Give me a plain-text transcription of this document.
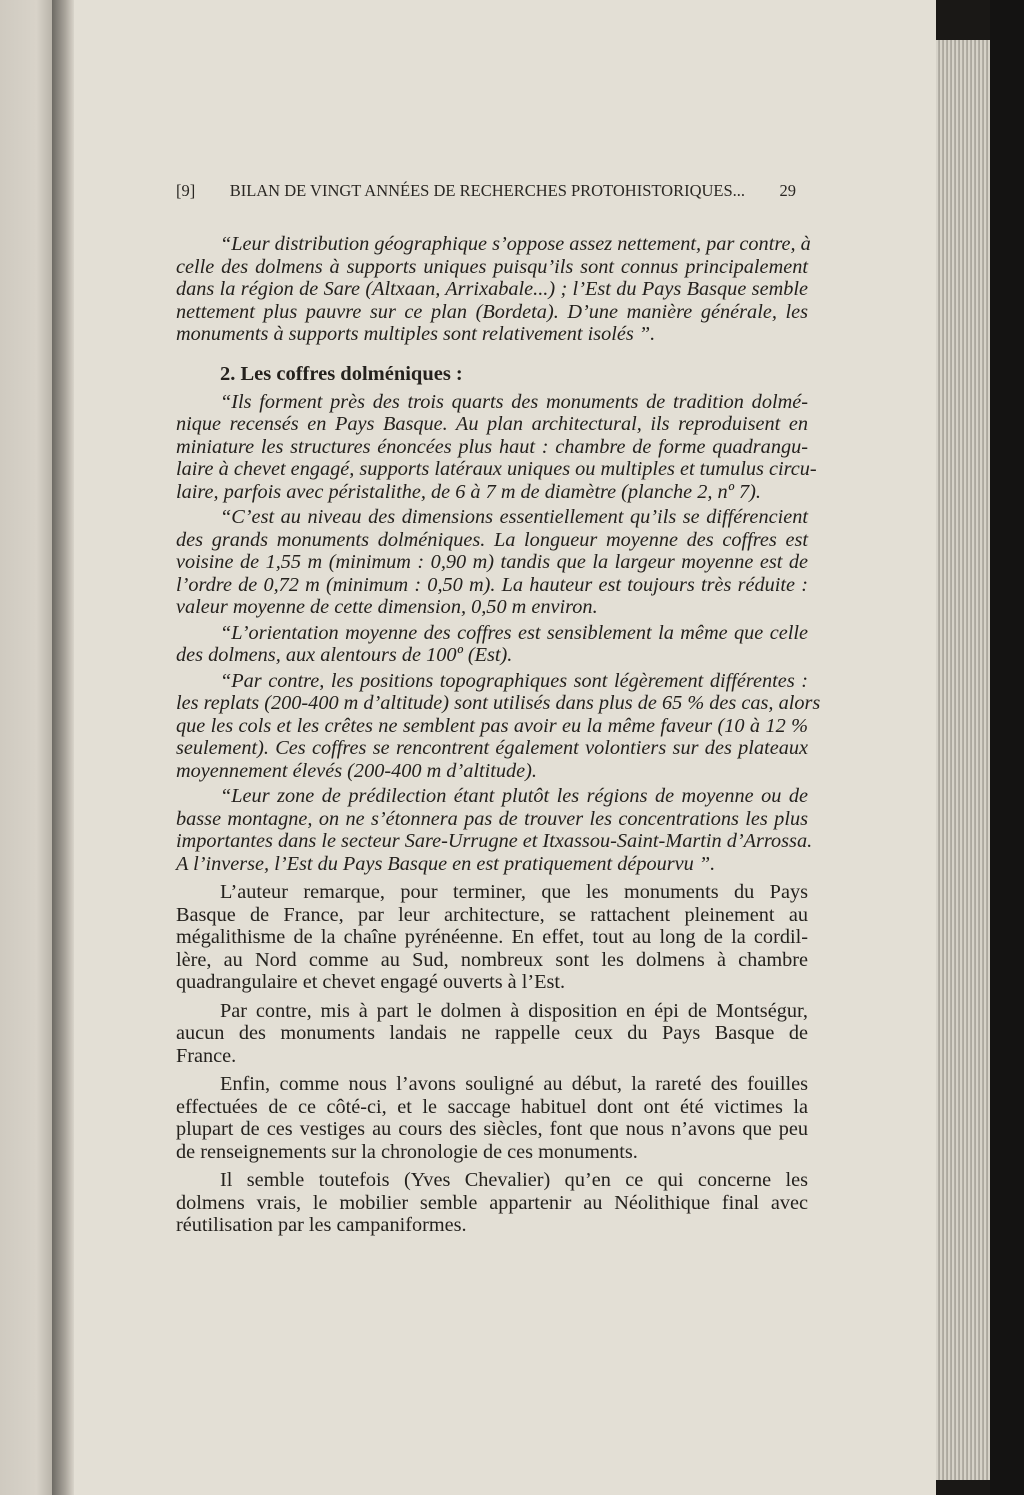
[9] BILAN DE VINGT ANNÉES DE RECHERCHES PROTOHISTORIQUES... 29
“Leur distribution géographique s’oppose assez nettement, par contre, à
celle des dolmens à supports uniques puisqu’ils sont connus principalement
dans la région de Sare (Altxaan, Arrixabale...) ; l’Est du Pays Basque semble
nettement plus pauvre sur ce plan (Bordeta). D’une manière générale, les
monuments à supports multiples sont relativement isolés ”.
2. Les coffres dolméniques :
“Ils forment près des trois quarts des monuments de tradition dolmé-
nique recensés en Pays Basque. Au plan architectural, ils reproduisent en
miniature les structures énoncées plus haut : chambre de forme quadrangu-
laire à chevet engagé, supports latéraux uniques ou multiples et tumulus circu-
laire, parfois avec péristalithe, de 6 à 7 m de diamètre (planche 2, nº 7).
“C’est au niveau des dimensions essentiellement qu’ils se différencient
des grands monuments dolméniques. La longueur moyenne des coffres est
voisine de 1,55 m (minimum : 0,90 m) tandis que la largeur moyenne est de
l’ordre de 0,72 m (minimum : 0,50 m). La hauteur est toujours très réduite :
valeur moyenne de cette dimension, 0,50 m environ.
“L’orientation moyenne des coffres est sensiblement la même que celle
des dolmens, aux alentours de 100º (Est).
“Par contre, les positions topographiques sont légèrement différentes :
les replats (200-400 m d’altitude) sont utilisés dans plus de 65 % des cas, alors
que les cols et les crêtes ne semblent pas avoir eu la même faveur (10 à 12 %
seulement). Ces coffres se rencontrent également volontiers sur des plateaux
moyennement élevés (200-400 m d’altitude).
“Leur zone de prédilection étant plutôt les régions de moyenne ou de
basse montagne, on ne s’étonnera pas de trouver les concentrations les plus
importantes dans le secteur Sare-Urrugne et Itxassou-Saint-Martin d’Arrossa.
A l’inverse, l’Est du Pays Basque en est pratiquement dépourvu ”.
L’auteur remarque, pour terminer, que les monuments du Pays
Basque de France, par leur architecture, se rattachent pleinement au
mégalithisme de la chaîne pyrénéenne. En effet, tout au long de la cordil-
lère, au Nord comme au Sud, nombreux sont les dolmens à chambre
quadrangulaire et chevet engagé ouverts à l’Est.
Par contre, mis à part le dolmen à disposition en épi de Montségur,
aucun des monuments landais ne rappelle ceux du Pays Basque de
France.
Enfin, comme nous l’avons souligné au début, la rareté des fouilles
effectuées de ce côté-ci, et le saccage habituel dont ont été victimes la
plupart de ces vestiges au cours des siècles, font que nous n’avons que peu
de renseignements sur la chronologie de ces monuments.
Il semble toutefois (Yves Chevalier) qu’en ce qui concerne les
dolmens vrais, le mobilier semble appartenir au Néolithique final avec
réutilisation par les campaniformes.
